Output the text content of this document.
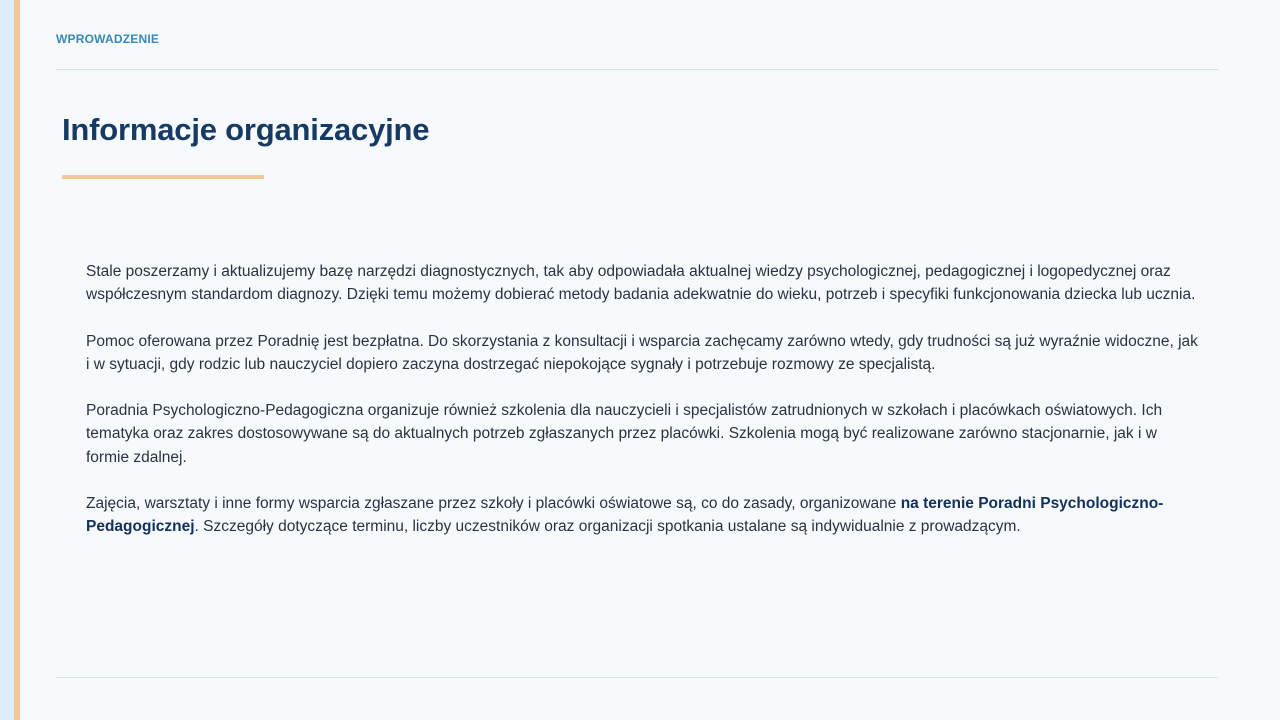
WPROWADZENIE
Informacje organizacyjne

Stale poszerzamy i aktualizujemy bazę narzędzi diagnostycznych, tak aby odpowiadała aktualnej wiedzy psychologicznej, pedagogicznej i logopedycznej oraz współczesnym standardom diagnozy. Dzięki temu możemy dobierać metody badania adekwatnie do wieku, potrzeb i specyfiki funkcjonowania dziecka lub ucznia.

Pomoc oferowana przez Poradnię jest bezpłatna. Do skorzystania z konsultacji i wsparcia zachęcamy zarówno wtedy, gdy trudności są już wyraźnie widoczne, jak i w sytuacji, gdy rodzic lub nauczyciel dopiero zaczyna dostrzegać niepokojące sygnały i potrzebuje rozmowy ze specjalistą.

Poradnia Psychologiczno-Pedagogiczna organizuje również szkolenia dla nauczycieli i specjalistów zatrudnionych w szkołach i placówkach oświatowych. Ich tematyka oraz zakres dostosowywane są do aktualnych potrzeb zgłaszanych przez placówki. Szkolenia mogą być realizowane zarówno stacjonarnie, jak i w formie zdalnej.

Zajęcia, warsztaty i inne formy wsparcia zgłaszane przez szkoły i placówki oświatowe są, co do zasady, organizowane na terenie Poradni Psychologiczno-Pedagogicznej. Szczegóły dotyczące terminu, liczby uczestników oraz organizacji spotkania ustalane są indywidualnie z prowadzącym.
